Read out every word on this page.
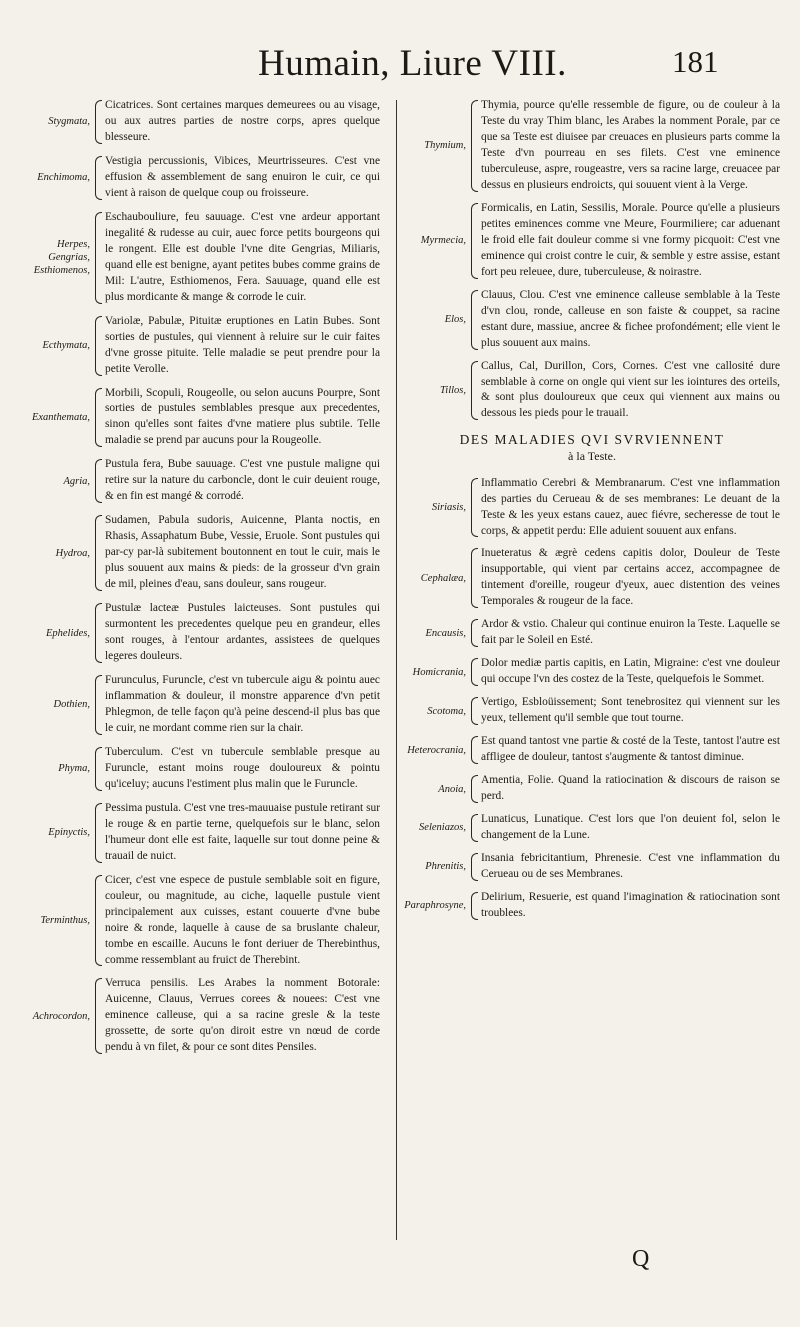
Humain, Liure VIII.	181
Stygmata,
Cicatrices. Sont certaines marques demeurees ou au visage, ou aux autres parties de nostre corps, apres quelque blesseure.
Enchimoma,
Vestigia percussionis, Vibices, Meurtrisseures. C'est vne effusion & assemblement de sang enuiron le cuir, ce qui vient à raison de quelque coup ou froisseure.
Herpes,
Gengrias,
Esthiomenos,
Eschaubouliure, feu sauuage. C'est vne ardeur apportant inegalité & rudesse au cuir, auec force petits bourgeons qui le rongent. Elle est double l'vne dite Gengrias, Miliaris, quand elle est benigne, ayant petites bubes comme grains de Mil: L'autre, Esthiomenos, Fera. Sauuage, quand elle est plus mordicante & mange & corrode le cuir.
Ecthymata,
Variolæ, Pabulæ, Pituitæ eruptiones en Latin Bubes. Sont sorties de pustules, qui viennent à reluire sur le cuir faites d'vne grosse pituite. Telle maladie se peut prendre pour la petite Verolle.
Exanthemata,
Morbili, Scopuli, Rougeolle, ou selon aucuns Pourpre, Sont sorties de pustules semblables presque aux precedentes, sinon qu'elles sont faites d'vne matiere plus subtile. Telle maladie se prend par aucuns pour la Rougeolle.
Agria,
Pustula fera, Bube sauuage. C'est vne pustule maligne qui retire sur la nature du carboncle, dont le cuir deuient rouge, & en fin est mangé & corrodé.
Hydroa,
Sudamen, Pabula sudoris, Auicenne, Planta noctis, en Rhasis, Assaphatum Bube, Vessie, Eruole. Sont pustules qui par-cy par-là subitement boutonnent en tout le cuir, mais le plus souuent aux mains & pieds: de la grosseur d'vn grain de mil, pleines d'eau, sans douleur, sans rougeur.
Ephelides,
Pustulæ lacteæ Pustules laicteuses. Sont pustules qui surmontent les precedentes quelque peu en grandeur, elles sont rouges, à l'entour ardantes, assistees de quelques legeres douleurs.
Dothien,
Furunculus, Furuncle, c'est vn tubercule aigu & pointu auec inflammation & douleur, il monstre apparence d'vn petit Phlegmon, de telle façon qu'à peine descend-il plus bas que le cuir, ne mordant comme rien sur la chair.
Phyma,
Tuberculum. C'est vn tubercule semblable presque au Furuncle, estant moins rouge douloureux & pointu qu'iceluy; aucuns l'estiment plus malin que le Furuncle.
Epinyctis,
Pessima pustula. C'est vne tres-mauuaise pustule retirant sur le rouge & en partie terne, quelquefois sur le blanc, selon l'humeur dont elle est faite, laquelle sur tout donne peine & trauail de nuict.
Terminthus,
Cicer, c'est vne espece de pustule semblable soit en figure, couleur, ou magnitude, au ciche, laquelle pustule vient principalement aux cuisses, estant couuerte d'vne bube noire & ronde, laquelle à cause de sa bruslante chaleur, tombe en escaille. Aucuns le font deriuer de Therebinthus, comme ressemblant au fruict de Therebint.
Achrocordon,
Verruca pensilis. Les Arabes la nomment Botorale: Auicenne, Clauus, Verrues corees & nouees: C'est vne eminence calleuse, qui a sa racine gresle & la teste grossette, de sorte qu'on diroit estre vn nœud de corde pendu à vn filet, & pour ce sont dites Pensiles.
Thymium,
Thymia, pource qu'elle ressemble de figure, ou de couleur à la Teste du vray Thim blanc, les Arabes la nomment Porale, par ce que sa Teste est diuisee par creuaces en plusieurs parts comme la Teste d'vn pourreau en ses filets. C'est vne eminence tuberculeuse, aspre, rougeastre, vers sa racine large, creuacee par dessus en plusieurs endroicts, qui souuent vient à la Verge.
Myrmecia,
Formicalis, en Latin, Sessilis, Morale. Pource qu'elle a plusieurs petites eminences comme vne Meure, Fourmiliere; car aduenant le froid elle fait douleur comme si vne formy picquoit: C'est vne eminence qui croist contre le cuir, & semble y estre assise, estant fort peu releuee, dure, tuberculeuse, & noirastre.
Elos,
Clauus, Clou. C'est vne eminence calleuse semblable à la Teste d'vn clou, ronde, calleuse en son faiste & couppet, sa racine estant dure, massiue, ancree & fichee profondément; elle vient le plus souuent aux mains.
Tillos,
Callus, Cal, Durillon, Cors, Cornes. C'est vne callosité dure semblable à corne on ongle qui vient sur les iointures des orteils, & sont plus douloureux que ceux qui viennent aux mains ou dessous les pieds pour le trauail.
DES MALADIES QVI SVRVIENNENT
à la Teste.
Siriasis,
Inflammatio Cerebri & Membranarum. C'est vne inflammation des parties du Cerueau & de ses membranes: Le deuant de la Teste & les yeux estans cauez, auec fiévre, secheresse de tout le corps, & appetit perdu: Elle aduient souuent aux enfans.
Cephalæa,
Inueteratus & ægrè cedens capitis dolor, Douleur de Teste insupportable, qui vient par certains accez, accompagnee de tintement d'oreille, rougeur d'yeux, auec distention des veines Temporales & rougeur de la face.
Encausis,
Ardor & vstio. Chaleur qui continue enuiron la Teste. Laquelle se fait par le Soleil en Esté.
Homicrania,
Dolor mediæ partis capitis, en Latin, Migraine: c'est vne douleur qui occupe l'vn des costez de la Teste, quelquefois le Sommet.
Scotoma,
Vertigo, Esbloüissement; Sont tenebrositez qui viennent sur les yeux, tellement qu'il semble que tout tourne.
Heterocrania,
Est quand tantost vne partie & costé de la Teste, tantost l'autre est affligee de douleur, tantost s'augmente & tantost diminue.
Anoia,
Amentia, Folie. Quand la ratiocination & discours de raison se perd.
Seleniazos,
Lunaticus, Lunatique. C'est lors que l'on deuient fol, selon le changement de la Lune.
Phrenitis,
Insania febricitantium, Phrenesie. C'est vne inflammation du Cerueau ou de ses Membranes.
Paraphrosyne,
Delirium, Resuerie, est quand l'imagination & ratiocination sont troublees.
Q
